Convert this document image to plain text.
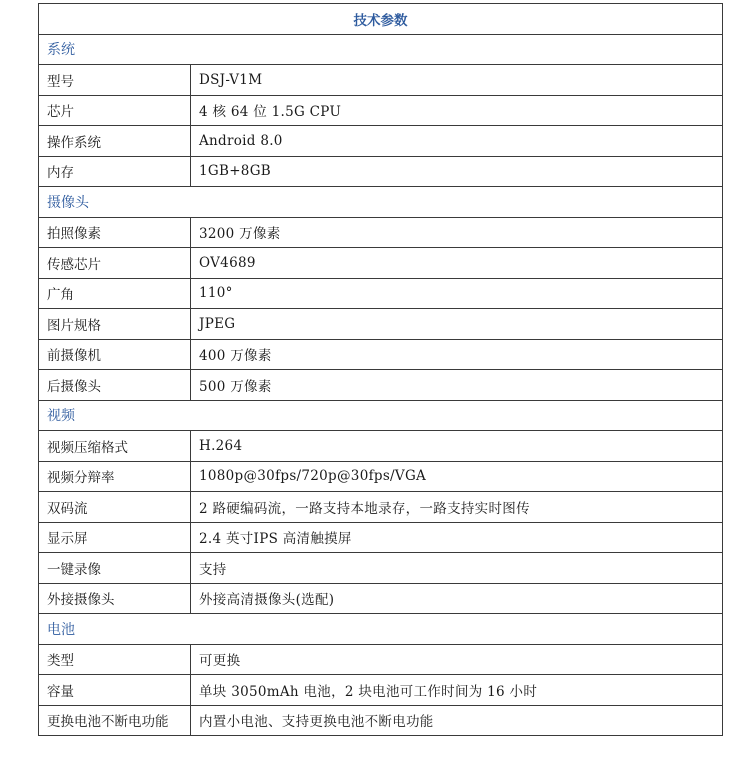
技术参数	
系统	
型号	DSJ-V1M
芯片	4 核 64 位 1.5G CPU
操作系统	Android 8.0
内存	1GB+8GB
摄像头	
拍照像素	3200 万像素
传感芯片	OV4689
广角	110°
图片规格	JPEG
前摄像机	400 万像素
后摄像头	500 万像素
视频	
视频压缩格式	H.264
视频分辩率	1080p@30fps/720p@30fps/VGA
双码流	2 路硬编码流，一路支持本地录存，一路支持实时图传
显示屏	2.4 英寸IPS 高清触摸屏
一键录像	支持
外接摄像头	外接高清摄像头(选配)
电池	
类型	可更换
容量	单块 3050mAh 电池，2 块电池可工作时间为 16 小时
更换电池不断电功能	内置小电池、支持更换电池不断电功能
